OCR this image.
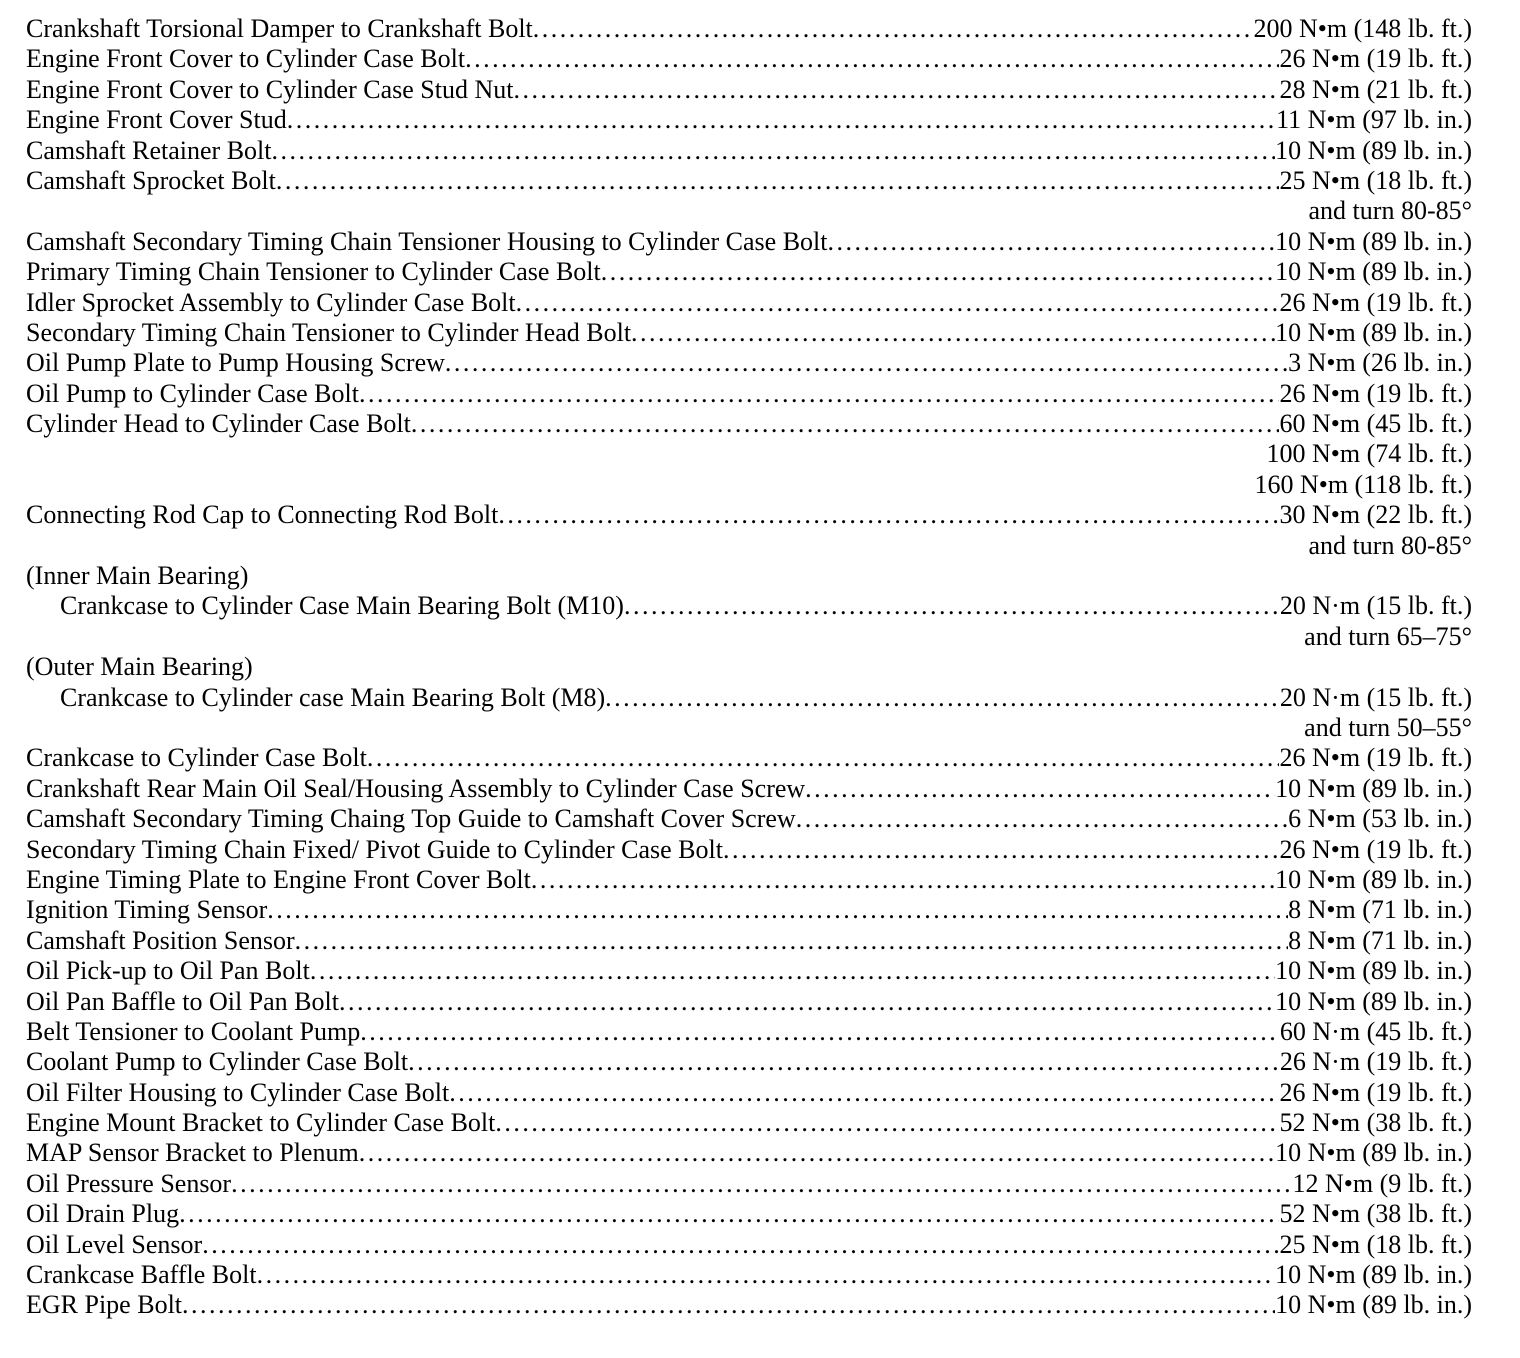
Crankshaft Torsional Damper to Crankshaft Bolt . . .	200 N•m (148 lb. ft.)
Engine Front Cover to Cylinder Case Bolt . . .	26 N•m (19 lb. ft.)
Engine Front Cover to Cylinder Case Stud Nut . . .	28 N•m (21 lb. ft.)
Engine Front Cover Stud . . .	11 N•m (97 lb. in.)
Camshaft Retainer Bolt . . .	10 N•m (89 lb. in.)
Camshaft Sprocket Bolt . . .	25 N•m (18 lb. ft.)
and turn 80-85°
Camshaft Secondary Timing Chain Tensioner Housing to Cylinder Case Bolt . . .	10 N•m (89 lb. in.)
Primary Timing Chain Tensioner to Cylinder Case Bolt . . .	10 N•m (89 lb. in.)
Idler Sprocket Assembly to Cylinder Case Bolt . . .	26 N•m (19 lb. ft.)
Secondary Timing Chain Tensioner to Cylinder Head Bolt . . .	10 N•m (89 lb. in.)
Oil Pump Plate to Pump Housing Screw . . .	3 N•m (26 lb. in.)
Oil Pump to Cylinder Case Bolt . . .	26 N•m (19 lb. ft.)
Cylinder Head to Cylinder Case Bolt . . .	60 N•m (45 lb. ft.)
100 N•m (74 lb. ft.)
160 N•m (118 lb. ft.)
Connecting Rod Cap to Connecting Rod Bolt . . .	30 N•m (22 lb. ft.)
and turn 80-85°
(Inner Main Bearing)
Crankcase to Cylinder Case Main Bearing Bolt (M10) . . .	20 N·m (15 lb. ft.)
and turn 65–75°
(Outer Main Bearing)
Crankcase to Cylinder case Main Bearing Bolt (M8) . . .	20 N·m (15 lb. ft.)
and turn 50–55°
Crankcase to Cylinder Case Bolt . . .	26 N•m (19 lb. ft.)
Crankshaft Rear Main Oil Seal/Housing Assembly to Cylinder Case Screw . . .	10 N•m (89 lb. in.)
Camshaft Secondary Timing Chaing Top Guide to Camshaft Cover Screw . . .	6 N•m (53 lb. in.)
Secondary Timing Chain Fixed/ Pivot Guide to Cylinder Case Bolt . . .	26 N•m (19 lb. ft.)
Engine Timing Plate to Engine Front Cover Bolt . . .	10 N•m (89 lb. in.)
Ignition Timing Sensor . . .	8 N•m (71 lb. in.)
Camshaft Position Sensor . . .	8 N•m (71 lb. in.)
Oil Pick-up to Oil Pan Bolt . . .	10 N•m (89 lb. in.)
Oil Pan Baffle to Oil Pan Bolt . . .	10 N•m (89 lb. in.)
Belt Tensioner to Coolant Pump . . .	60 N·m (45 lb. ft.)
Coolant Pump to Cylinder Case Bolt . . .	26 N·m (19 lb. ft.)
Oil Filter Housing to Cylinder Case Bolt . . .	26 N•m (19 lb. ft.)
Engine Mount Bracket to Cylinder Case Bolt . . .	52 N•m (38 lb. ft.)
MAP Sensor Bracket to Plenum . . .	10 N•m (89 lb. in.)
Oil Pressure Sensor . . .	12 N•m (9 lb. ft.)
Oil Drain Plug . . .	52 N•m (38 lb. ft.)
Oil Level Sensor . . .	25 N•m (18 lb. ft.)
Crankcase Baffle Bolt . . .	10 N•m (89 lb. in.)
EGR Pipe Bolt . . .	10 N•m (89 lb. in.)
